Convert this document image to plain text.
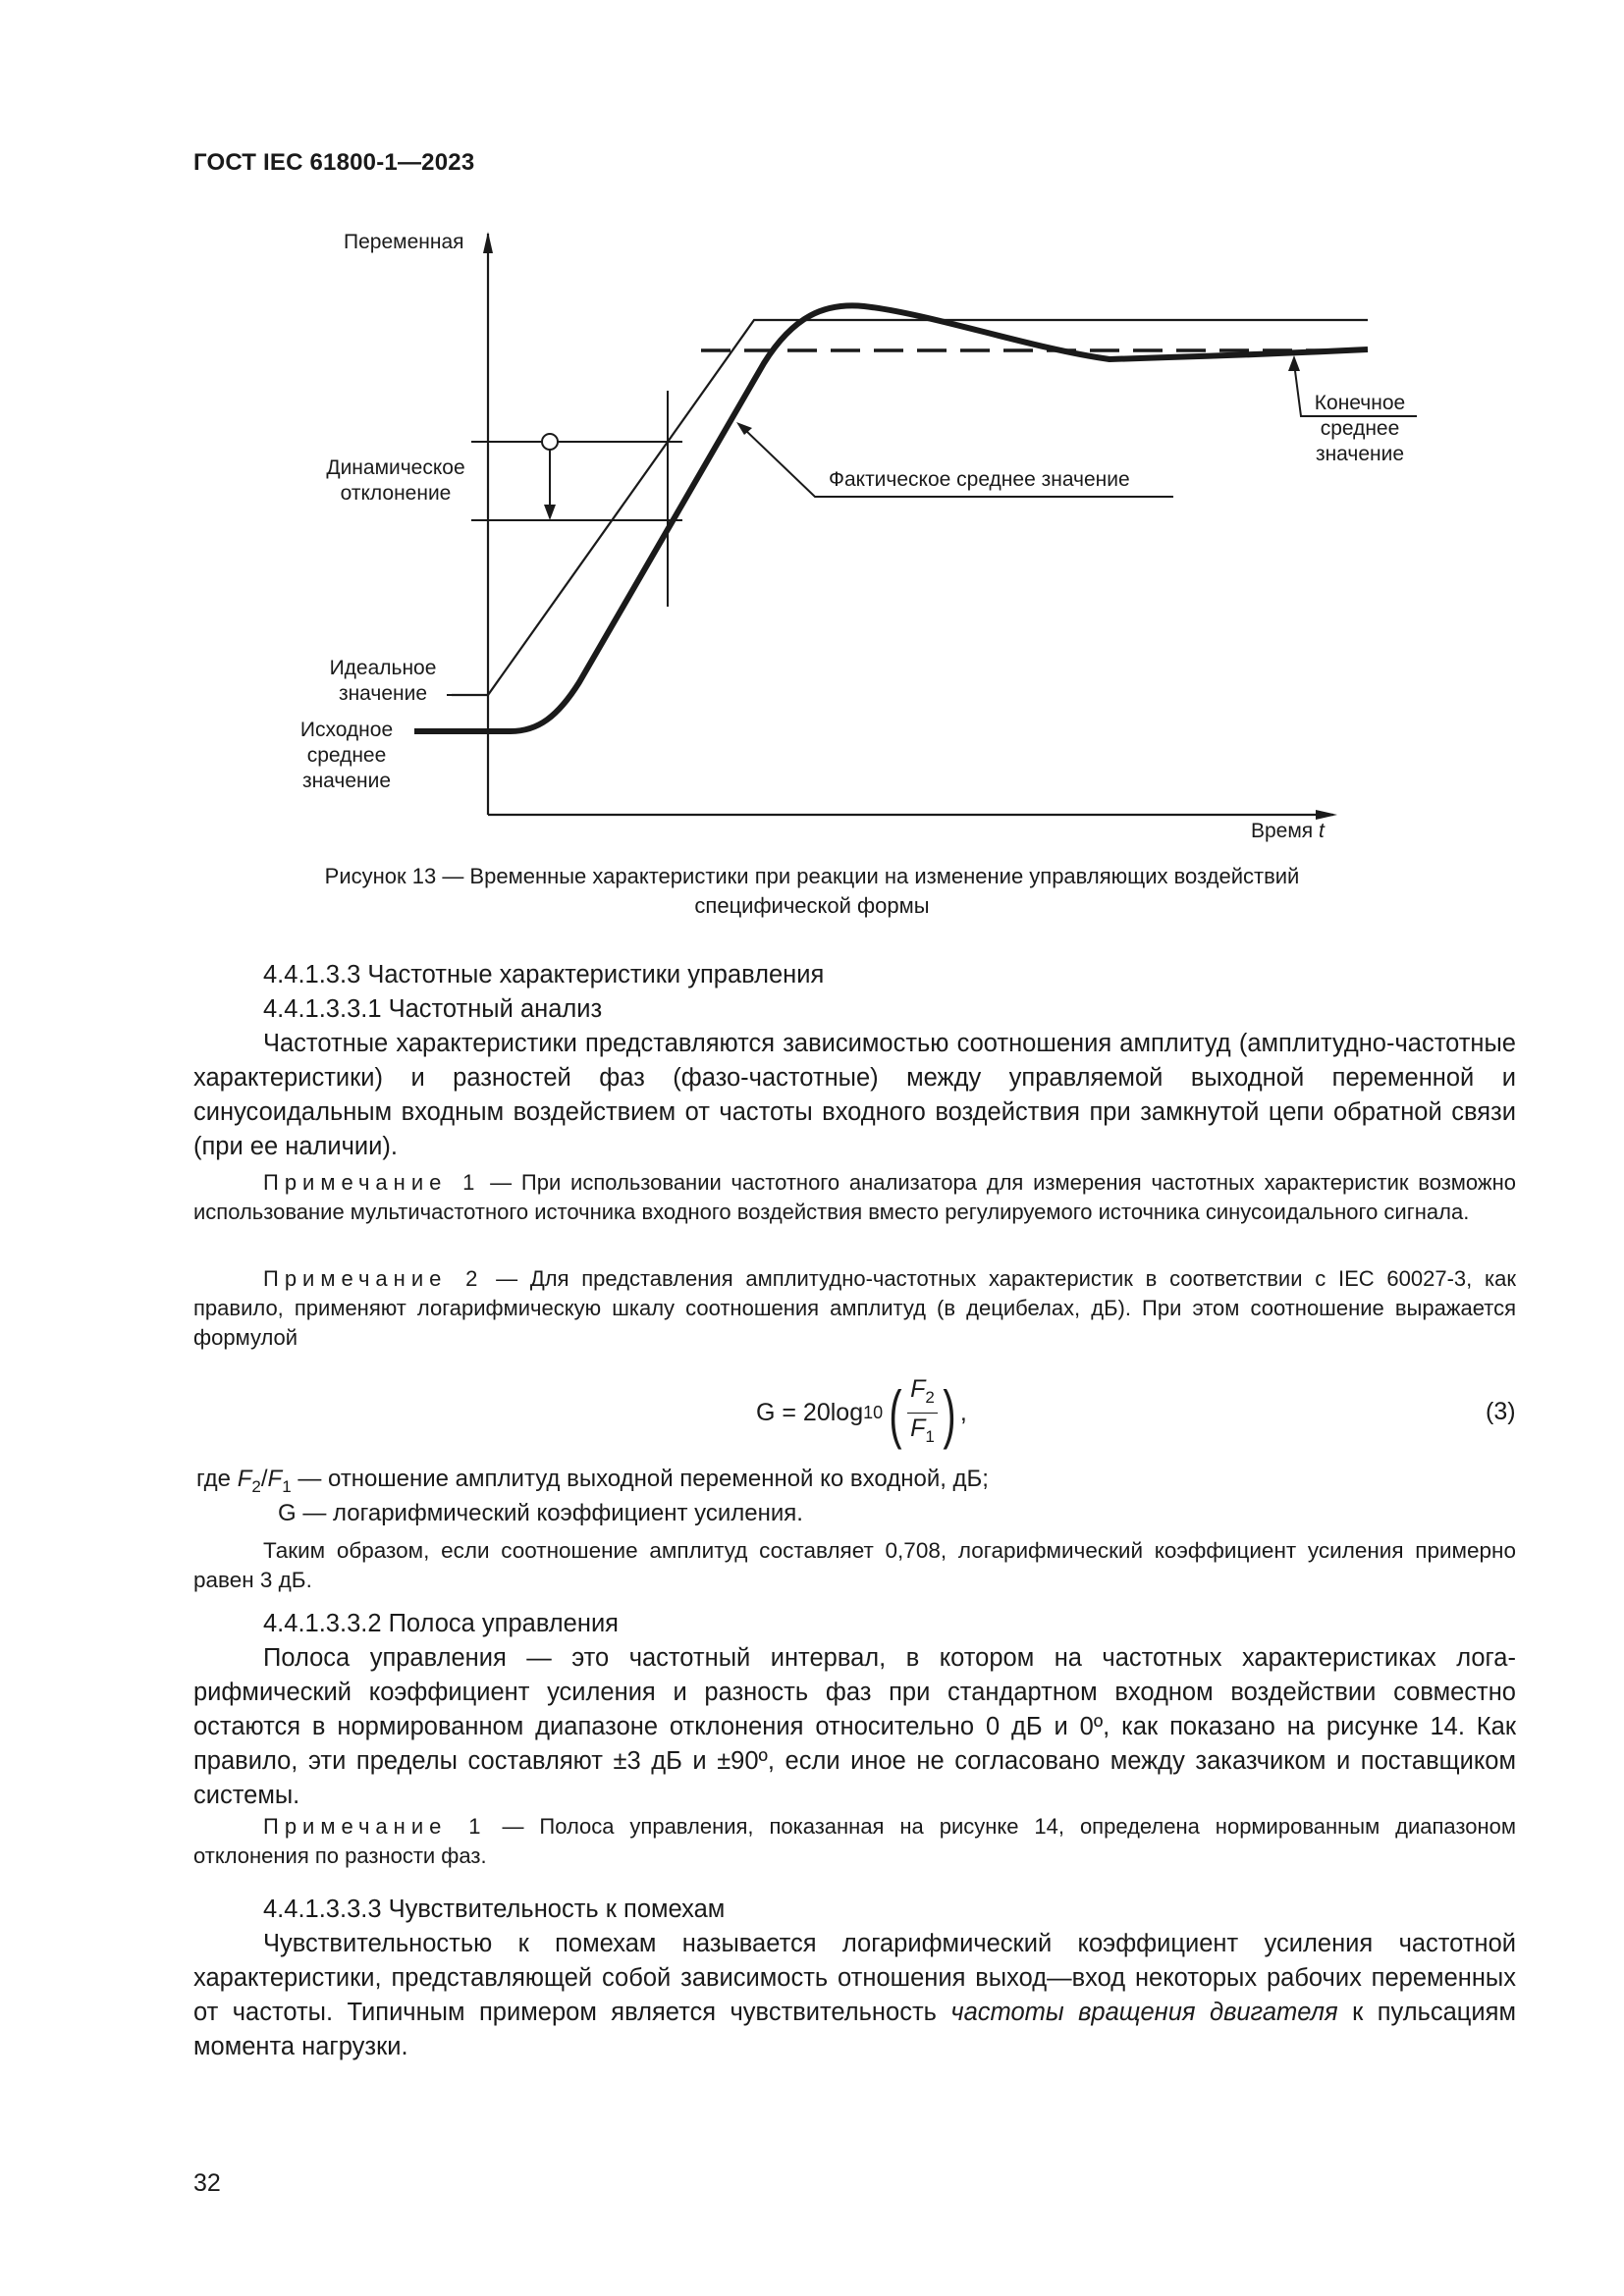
ГОСТ IEC 61800-1—2023
Переменная
Время t
Динамическое
отклонение
Идеальное
значение
Исходное
среднее
значение
Фактическое среднее значение
Конечное
среднее
значение
Рисунок 13 — Временные характеристики при реакции на изменение управляющих воздействий
специфической формы
4.4.1.3.3 Частотные характеристики управления
4.4.1.3.3.1 Частотный анализ
Частотные характеристики представляются зависимостью соотношения амплитуд (амплитудно-частотные характеристики) и разностей фаз (фазо-частотные) между управляемой выходной переменной и синусоидальным входным воздействием от частоты входного воздействия при замкнутой цепи обратной связи (при ее наличии).
Примечание 1 — При использовании частотного анализатора для измерения частотных характеристик возможно использование мультичастотного источника входного воздействия вместо регулируемого источника синусоидального сигнала.
Примечание 2 — Для представления амплитудно-частотных характеристик в соответствии с IEC 60027-3, как правило, применяют логарифмическую шкалу соотношения амплитуд (в децибелах, дБ). При этом соотношение выражается формулой
G = 20log 10 ( $\frac{F_2}{F_1}$ ) ,	(3)
где $F_2/F_1$ — отношение амплитуд выходной переменной ко входной, дБ;
G — логарифмический коэффициент усиления.
Таким образом, если соотношение амплитуд составляет 0,708, логарифмический коэффициент усиления примерно равен 3 дБ.
4.4.1.3.3.2 Полоса управления
Полоса управления — это частотный интервал, в котором на частотных характеристиках логарифмический коэффициент усиления и разность фаз при стандартном входном воздействии совместно остаются в нормированном диапазоне отклонения относительно 0 дБ и 0º, как показано на рисунке 14. Как правило, эти пределы составляют ±3 дБ и ±90º, если иное не согласовано между заказчиком и поставщиком системы.
Примечание 1 — Полоса управления, показанная на рисунке 14, определена нормированным диапазоном отклонения по разности фаз.
4.4.1.3.3.3 Чувствительность к помехам
Чувствительностью к помехам называется логарифмический коэффициент усиления частотной характеристики, представляющей собой зависимость отношения выход—вход некоторых рабочих переменных от частоты. Типичным примером является чувствительность частоты вращения двигателя к пульсациям момента нагрузки.
32
